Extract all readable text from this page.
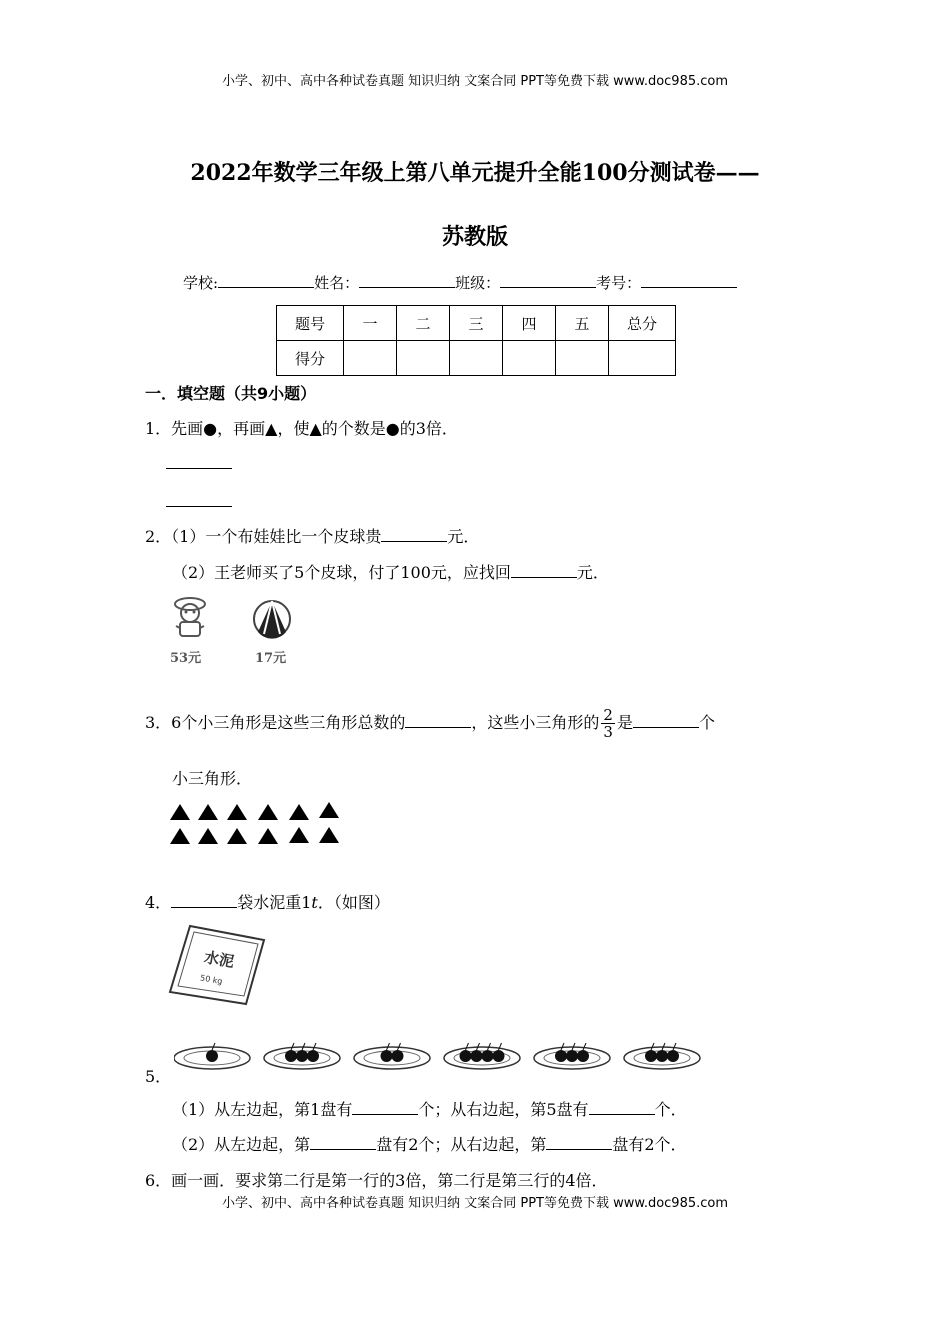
小学、初中、高中各种试卷真题 知识归纳 文案合同 PPT等免费下载 www.doc985.com
2022年数学三年级上第八单元提升全能100分测试卷——
苏教版
学校:	姓名：	班级：	考号：
题号	一	二	三	四	五	总分
得分						
一．填空题（共9小题）
1．先画●，再画▲，使▲的个数是●的3倍．
2．（1）一个布娃娃比一个皮球贵	元．
（2）王老师买了5个皮球，付了100元，应找回	元．
53元	17元
3．6个小三角形是这些三角形总数的	，这些小三角形的 $\frac{2}{3}$ 是	个
小三角形．
4．	袋水泥重1t．（如图）
水泥
50 kg
5．
（1）从左边起，第1盘有	个；从右边起，第5盘有	个．
（2）从左边起，第	盘有2个；从右边起，第	盘有2个．
6．画一画．要求第二行是第一行的3倍，第二行是第三行的4倍．
小学、初中、高中各种试卷真题 知识归纳 文案合同 PPT等免费下载 www.doc985.com
